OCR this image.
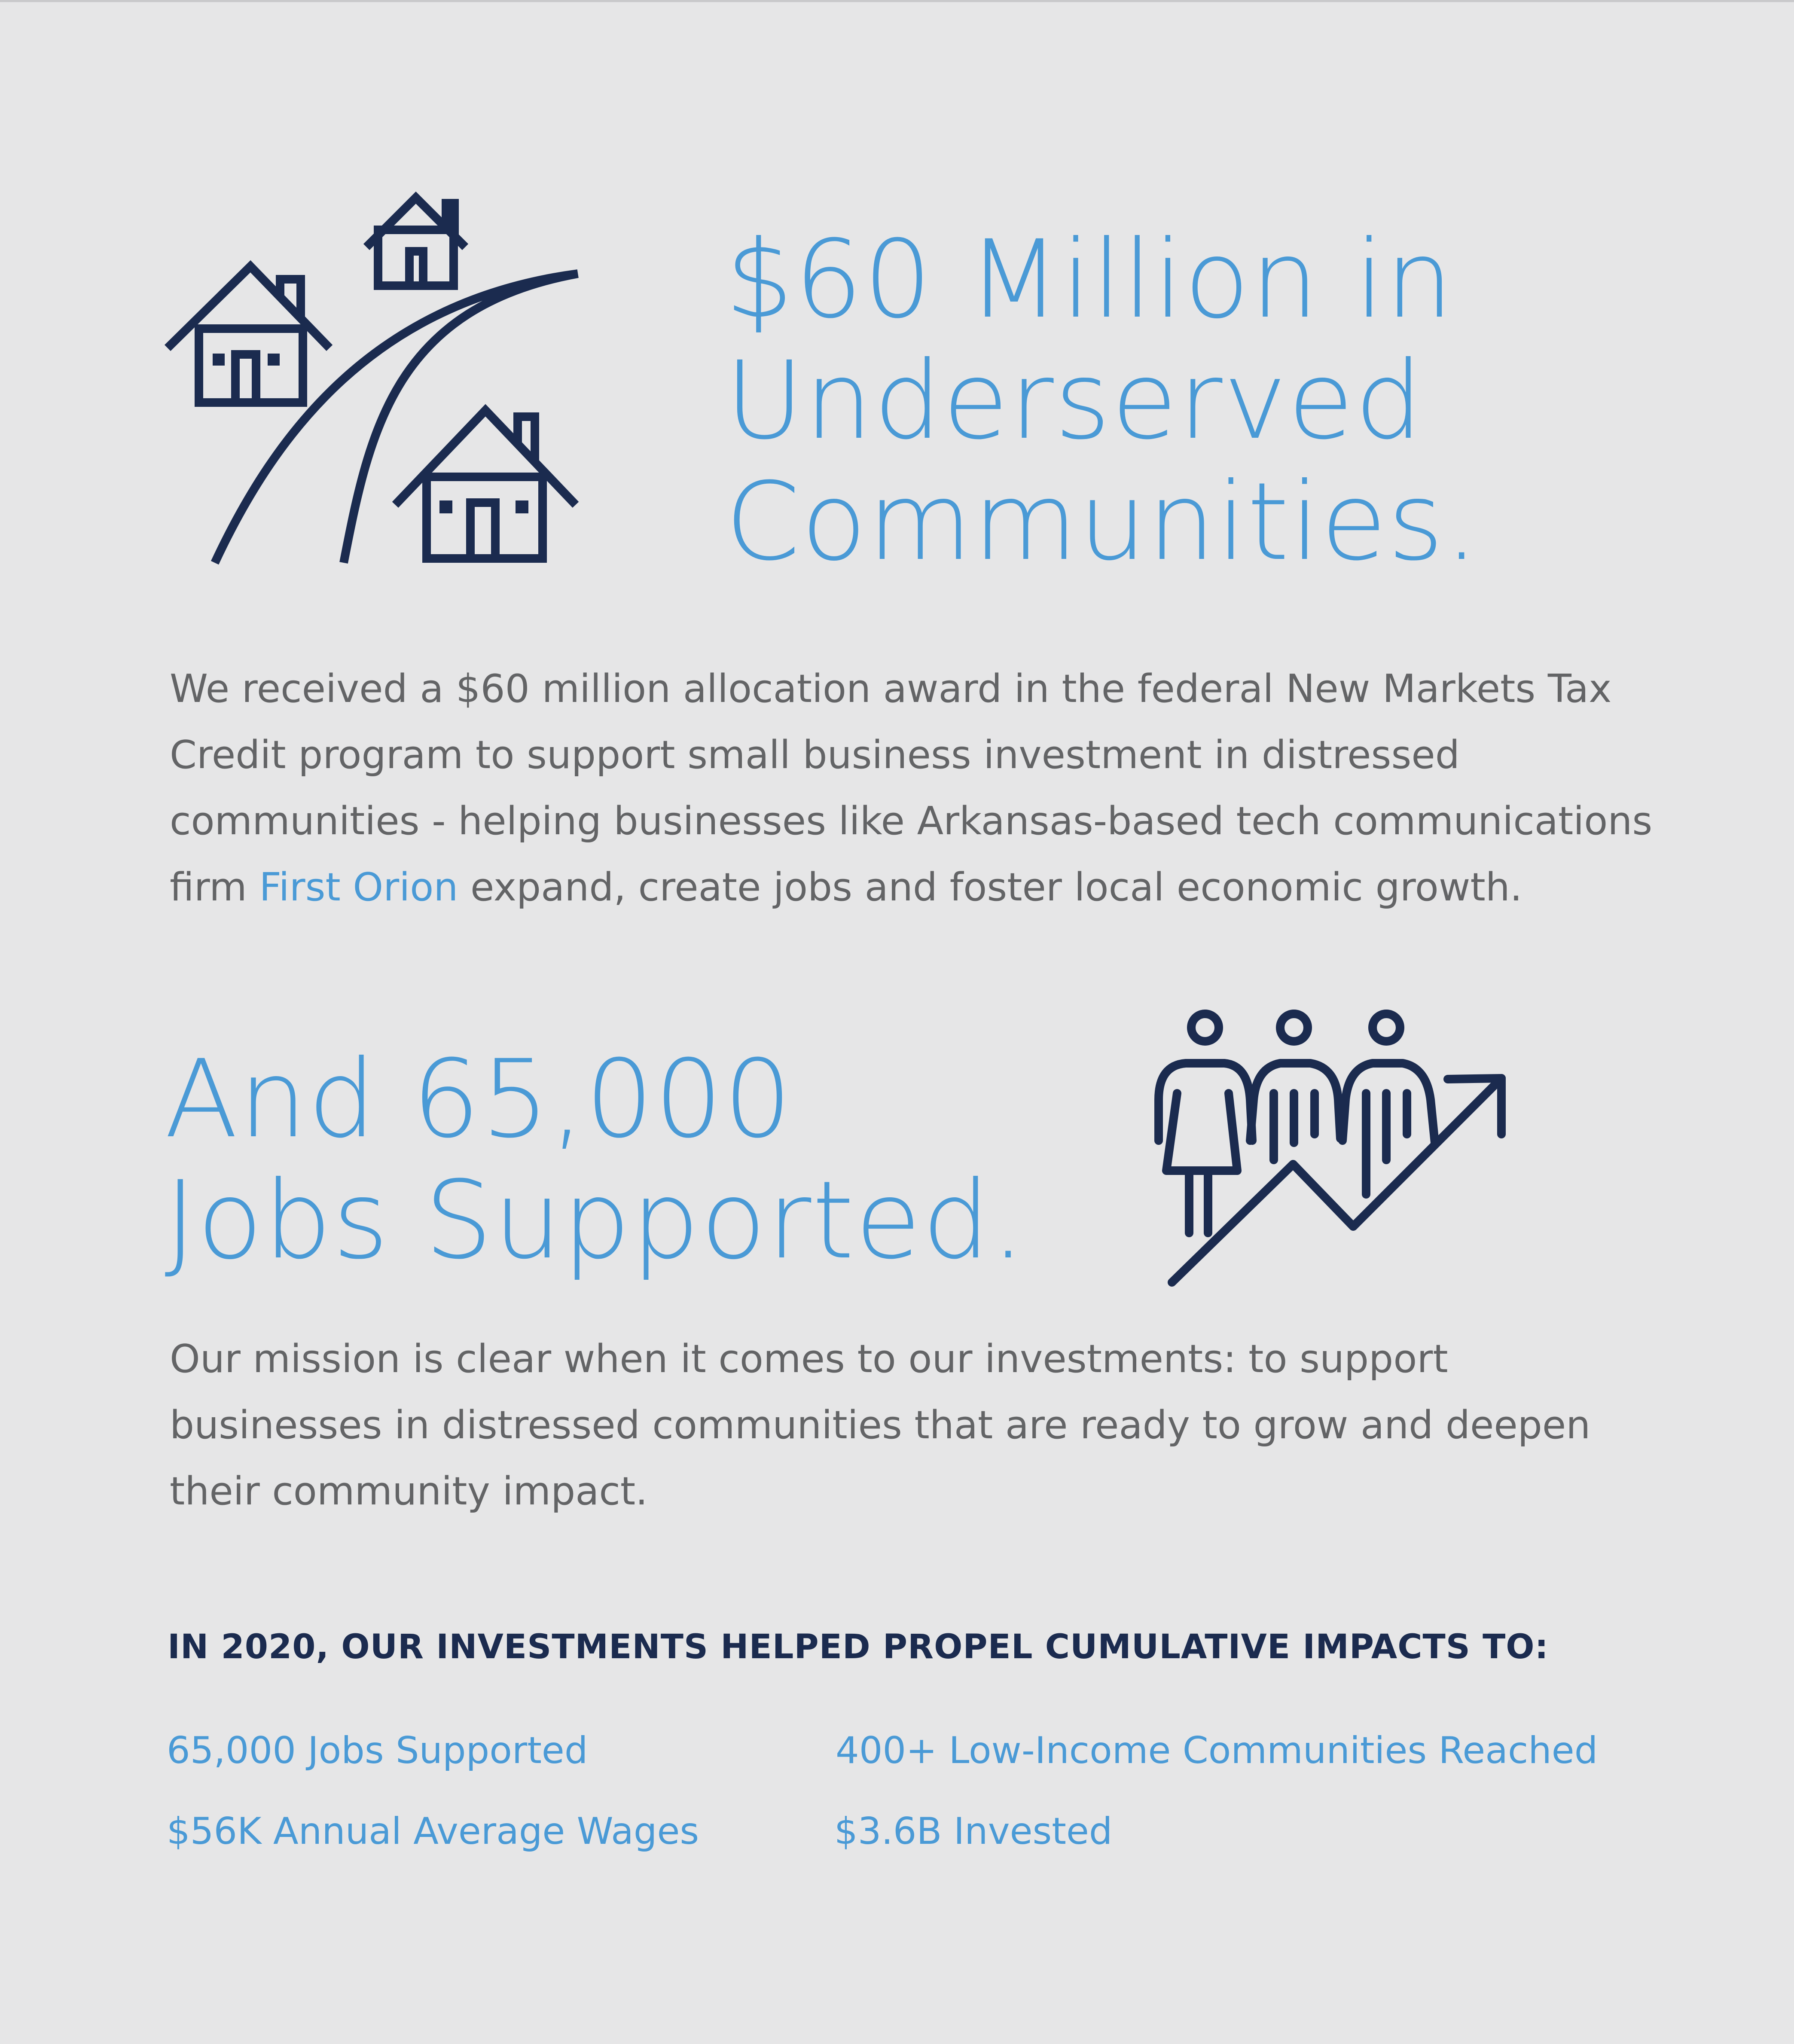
$60 Million in
Underserved
Communities.

We received a $60 million allocation award in the federal New Markets Tax
Credit program to support small business investment in distressed
communities - helping businesses like Arkansas-based tech communications
firm First Orion expand, create jobs and foster local economic growth.

And 65,000
Jobs Supported.

Our mission is clear when it comes to our investments: to support
businesses in distressed communities that are ready to grow and deepen
their community impact.

IN 2020, OUR INVESTMENTS HELPED PROPEL CUMULATIVE IMPACTS TO:

65,000 Jobs Supported	400+ Low-Income Communities Reached

$56K Annual Average Wages	$3.6B Invested
